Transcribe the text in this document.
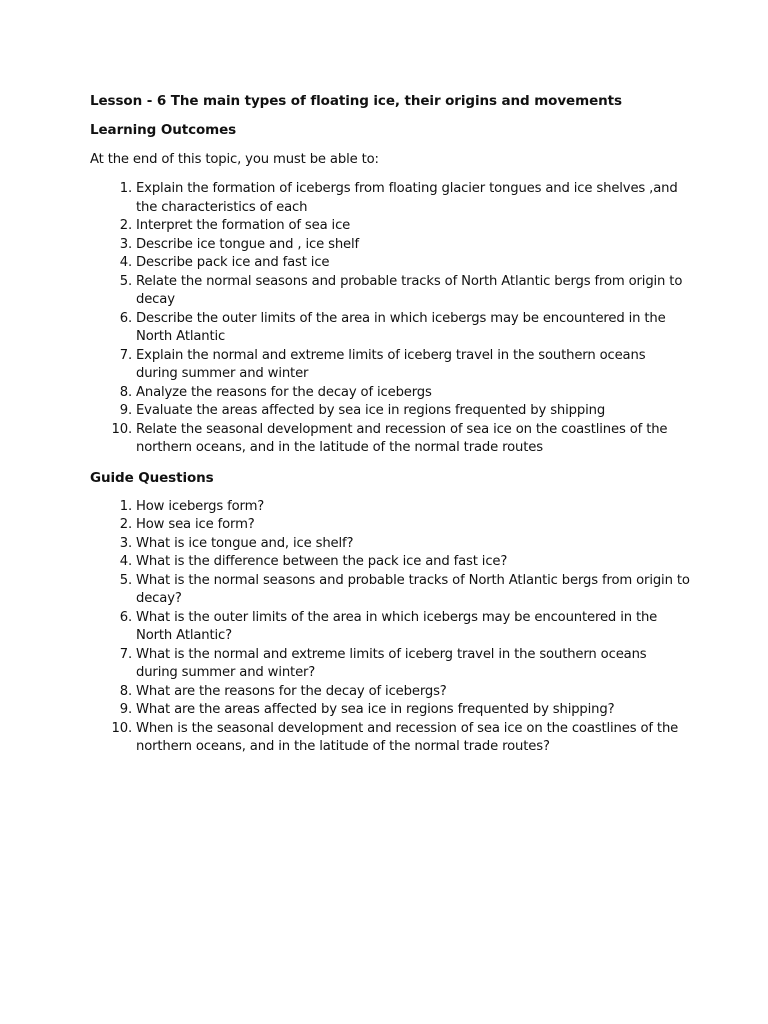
Lesson - 6 The main types of floating ice, their origins and movements

Learning Outcomes

At the end of this topic, you must be able to:

1. Explain the formation of icebergs from floating glacier tongues and ice shelves ,and the characteristics of each
2. Interpret the formation of sea ice
3. Describe ice tongue and , ice shelf
4. Describe pack ice and fast ice
5. Relate the normal seasons and probable tracks of North Atlantic bergs from origin to decay
6. Describe the outer limits of the area in which icebergs may be encountered in the North Atlantic
7. Explain the normal and extreme limits of iceberg travel in the southern oceans during summer and winter
8. Analyze the reasons for the decay of icebergs
9. Evaluate the areas affected by sea ice in regions frequented by shipping
10. Relate the seasonal development and recession of sea ice on the coastlines of the northern oceans, and in the latitude of the normal trade routes

Guide Questions

1. How icebergs form?
2. How sea ice form?
3. What is ice tongue and, ice shelf?
4. What is the difference between the pack ice and fast ice?
5. What is the normal seasons and probable tracks of North Atlantic bergs from origin to decay?
6. What is the outer limits of the area in which icebergs may be encountered in the North Atlantic?
7. What is the normal and extreme limits of iceberg travel in the southern oceans during summer and winter?
8. What are the reasons for the decay of icebergs?
9. What are the areas affected by sea ice in regions frequented by shipping?
10. When is the seasonal development and recession of sea ice on the coastlines of the northern oceans, and in the latitude of the normal trade routes?
